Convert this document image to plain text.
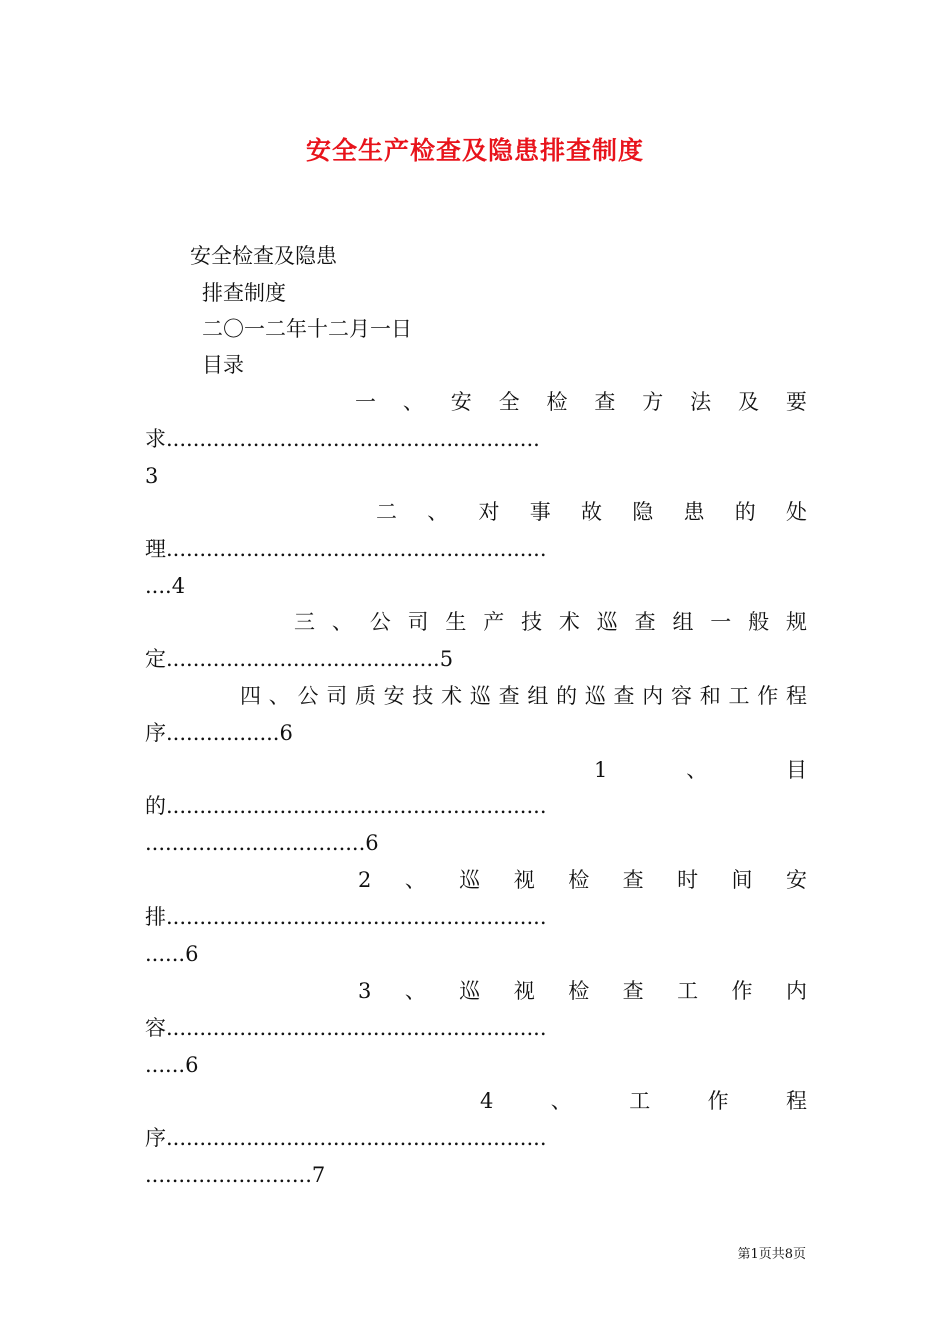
安全生产检查及隐患排查制度
安全检查及隐患
排查制度
二〇一二年十二月一日
目录
一 、 安 全 检 查 方 法 及 要
求........................................................
3
二 、 对 事 故 隐 患 的 处
理.........................................................
....4
三 、 公 司 生 产 技 术 巡 查 组 一 般 规
定.........................................5
四 、 公 司 质 安 技 术 巡 查 组 的 巡 查 内 容 和 工 作 程
序.................6
1	、	目
的.........................................................
.................................6
2 、 巡 视 检 查 时 间 安
排.........................................................
......6
3 、 巡 视 检 查 工 作 内
容.........................................................
......6
4	、	工	作	程
序.........................................................
.........................7
第1页共8页
